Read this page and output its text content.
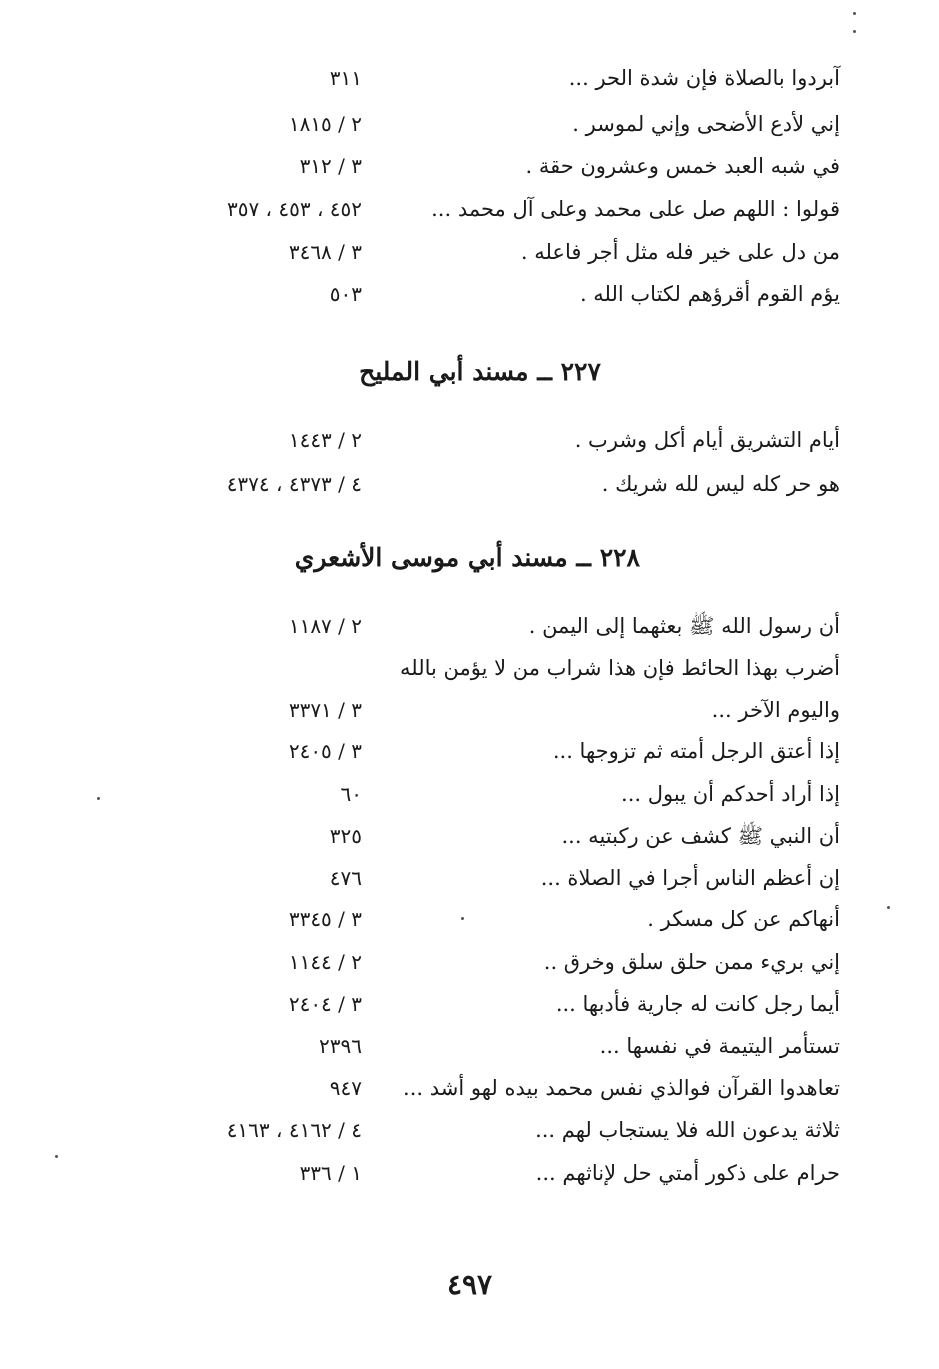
آبردوا بالصلاة فإن شدة الحر ...
٣١١
إني لأدع الأضحى وإني لموسر .
٢ / ١٨١٥
في شبه العبد خمس وعشرون حقة .
٣ / ٣١٢
قولوا : اللهم صل على محمد وعلى آل محمد ...
٤٥٢ ، ٤٥٣ ، ٣٥٧
من دل على خير فله مثل أجر فاعله .
٣ / ٣٤٦٨
يؤم القوم أقرؤهم لكتاب الله .
٥٠٣
٢٢٧ ــ مسند أبي المليح
أيام التشريق أيام أكل وشرب .
٢ / ١٤٤٣
هو حر كله ليس لله شريك .
٤ / ٤٣٧٣ ، ٤٣٧٤
٢٢٨ ــ مسند أبي موسى الأشعري
أن رسول الله ﷺ بعثهما إلى اليمن .
٢ / ١١٨٧
أضرب بهذا الحائط فإن هذا شراب من لا يؤمن بالله
واليوم الآخر ...
٣ / ٣٣٧١
إذا أعتق الرجل أمته ثم تزوجها ...
٣ / ٢٤٠٥
إذا أراد أحدكم أن يبول ...
٦٠
أن النبي ﷺ كشف عن ركبتيه ...
٣٢٥
إن أعظم الناس أجرا في الصلاة ...
٤٧٦
أنهاكم عن كل مسكر .
٣ / ٣٣٤٥
إني بريء ممن حلق سلق وخرق ..
٢ / ١١٤٤
أيما رجل كانت له جارية فأدبها ...
٣ / ٢٤٠٤
تستأمر اليتيمة في نفسها ...
٢٣٩٦
تعاهدوا القرآن فوالذي نفس محمد بيده لهو أشد ...
٩٤٧
ثلاثة يدعون الله فلا يستجاب لهم ...
٤ / ٤١٦٢ ، ٤١٦٣
حرام على ذكور أمتي حل لإناثهم ...
١ / ٣٣٦
٤٩٧
